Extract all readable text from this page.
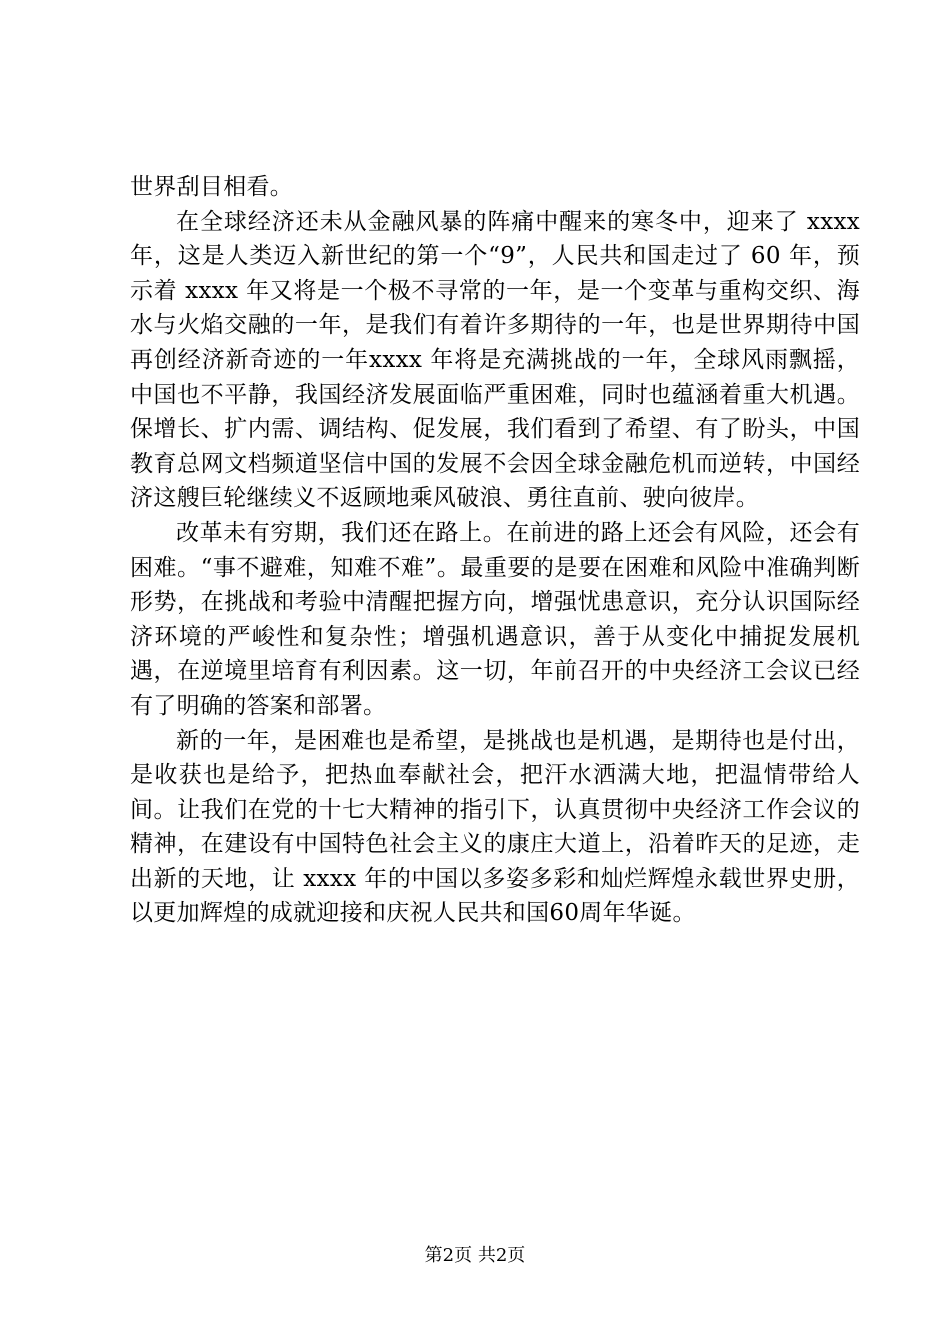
世界刮目相看。

在全球经济还未从金融风暴的阵痛中醒来的寒冬中，迎来了 xxxx 年，这是人类迈入新世纪的第一个“9”，人民共和国走过了 60 年，预示着 xxxx 年又将是一个极不寻常的一年，是一个变革与重构交织、海水与火焰交融的一年，是我们有着许多期待的一年，也是世界期待中国再创经济新奇迹的一年xxxx 年将是充满挑战的一年，全球风雨飘摇，中国也不平静，我国经济发展面临严重困难，同时也蕴涵着重大机遇。保增长、扩内需、调结构、促发展，我们看到了希望、有了盼头，中国教育总网文档频道坚信中国的发展不会因全球金融危机而逆转，中国经济这艘巨轮继续义不返顾地乘风破浪、勇往直前、驶向彼岸。

改革未有穷期，我们还在路上。在前进的路上还会有风险，还会有困难。“事不避难，知难不难”。最重要的是要在困难和风险中准确判断形势，在挑战和考验中清醒把握方向，增强忧患意识，充分认识国际经济环境的严峻性和复杂性；增强机遇意识，善于从变化中捕捉发展机遇，在逆境里培育有利因素。这一切，年前召开的中央经济工会议已经有了明确的答案和部署。

新的一年，是困难也是希望，是挑战也是机遇，是期待也是付出，是收获也是给予，把热血奉献社会，把汗水洒满大地，把温情带给人间。让我们在党的十七大精神的指引下，认真贯彻中央经济工作会议的精神，在建设有中国特色社会主义的康庄大道上，沿着昨天的足迹，走出新的天地，让 xxxx 年的中国以多姿多彩和灿烂辉煌永载世界史册，以更加辉煌的成就迎接和庆祝人民共和国60周年华诞。

第2页 共2页
